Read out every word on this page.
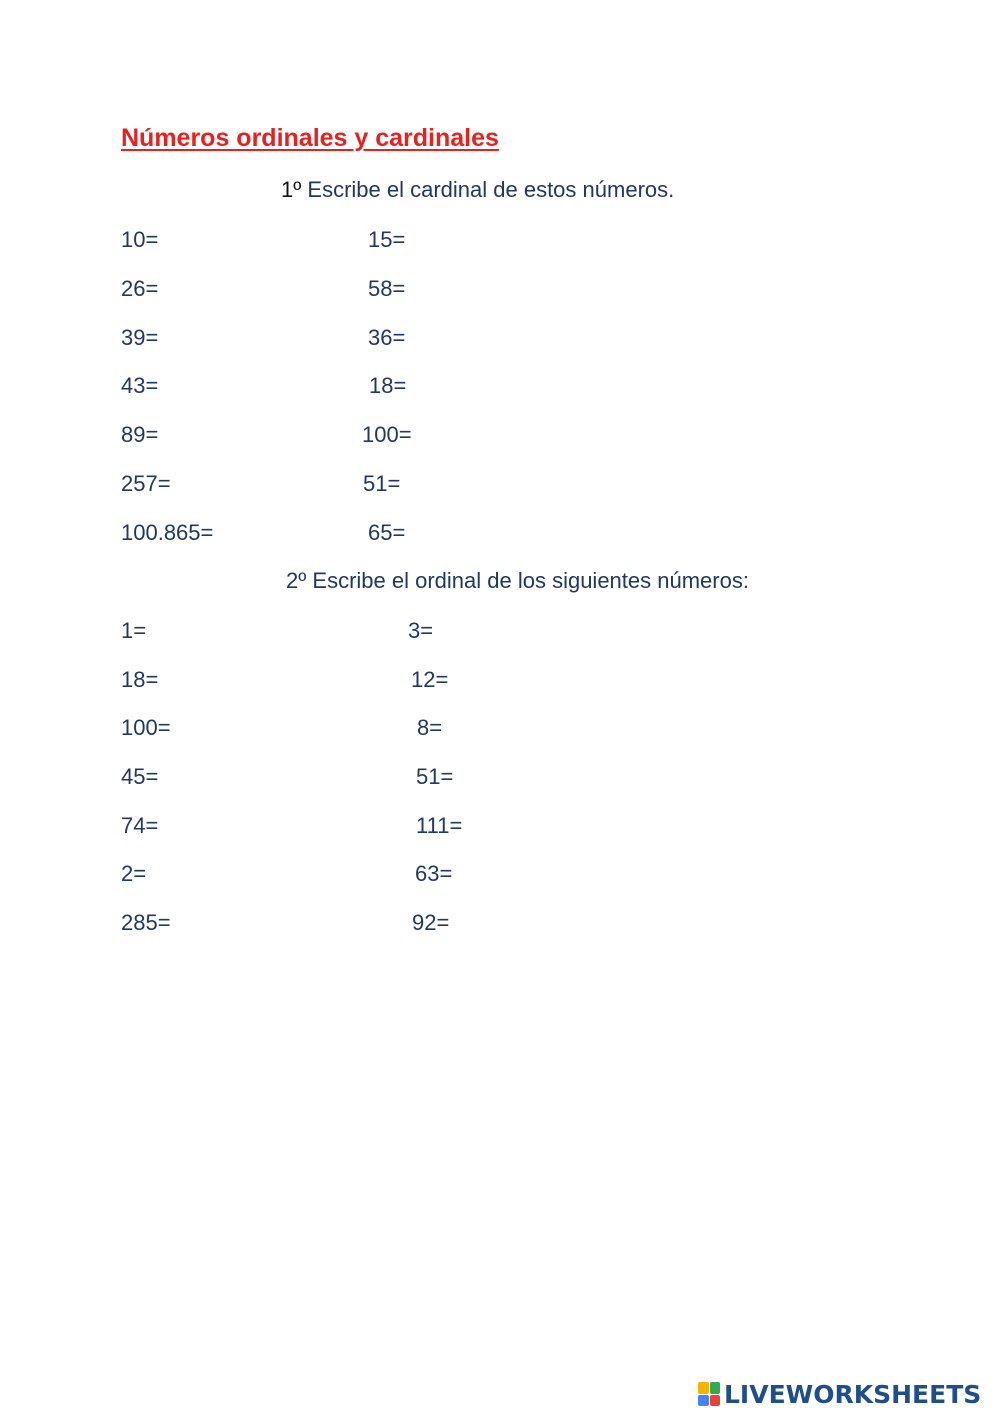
Números ordinales y cardinales
1º Escribe el cardinal de estos números.
10=	15=
26=	58=
39=	36=
43=	18=
89=	100=
257=	51=
100.865=	65=
2º Escribe el ordinal de los siguientes números:
1=	3=
18=	12=
100=	8=
45=	51=
74=	111=
2=	63=
285=	92=
LIVEWORKSHEETS
